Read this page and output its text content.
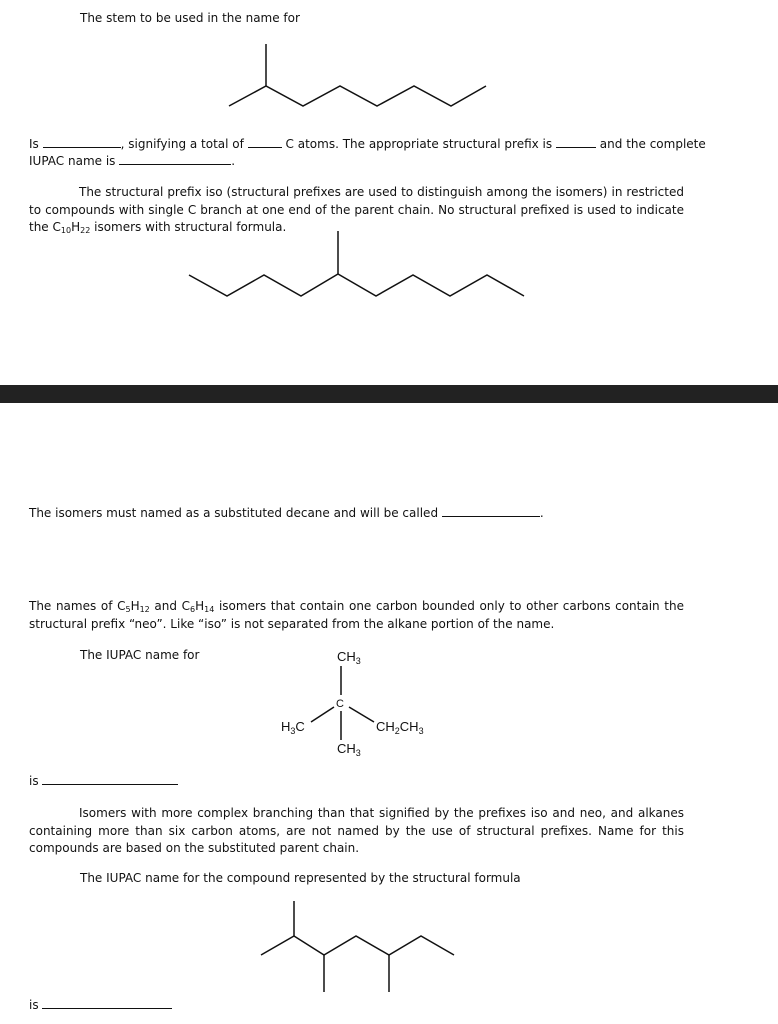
The stem to be used in the name for
Is	, signifying a total of	C atoms. The appropriate structural prefix is	and the complete
IUPAC name is	.
The structural prefix iso (structural prefixes are used to distinguish among the isomers) in restricted to compounds with single C branch at one end of the parent chain. No structural prefixed is used to indicate the $C_{10}H_{22}$ isomers with structural formula.
The isomers must named as a substituted decane and will be called	.
The names of $C_5H_{12}$ and $C_6H_{14}$ isomers that contain one carbon bounded only to other carbons contain the structural prefix “neo”. Like “iso” is not separated from the alkane portion of the name.
The IUPAC name for	$CH_3$
C
$H_3C$	$CH_2CH_3$
$CH_3$
is
Isomers with more complex branching than that signified by the prefixes iso and neo, and alkanes containing more than six carbon atoms, are not named by the use of structural prefixes. Name for this compounds are based on the substituted parent chain.
The IUPAC name for the compound represented by the structural formula
is
